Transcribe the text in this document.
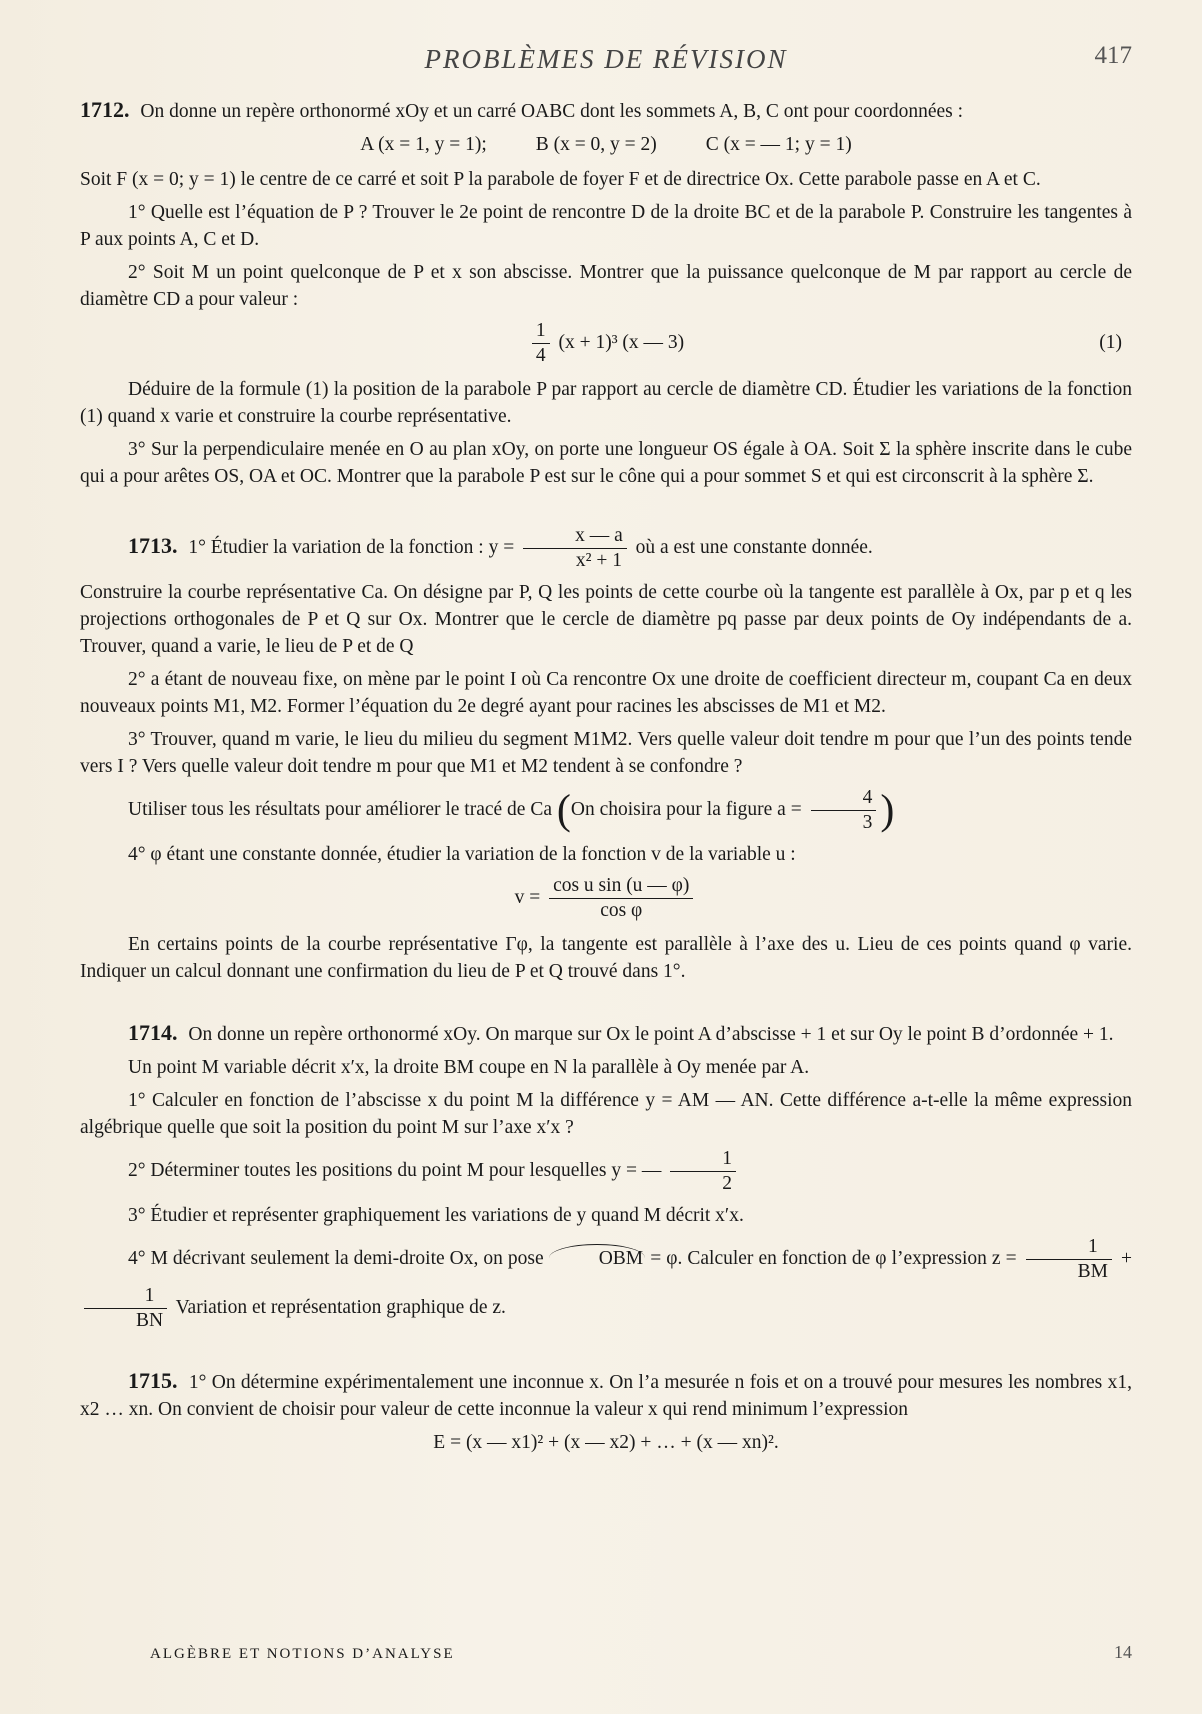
PROBLÈMES DE RÉVISION	417

1712. On donne un repère orthonormé xOy et un carré OABC dont les sommets A, B, C ont pour coordonnées :

A (x = 1, y = 1);	B (x = 0, y = 2)	C (x = — 1; y = 1)

Soit F (x = 0; y = 1) le centre de ce carré et soit P la parabole de foyer F et de directrice Ox. Cette parabole passe en A et C.

1° Quelle est l’équation de P ? Trouver le 2e point de rencontre D de la droite BC et de la parabole P. Construire les tangentes à P aux points A, C et D.

2° Soit M un point quelconque de P et x son abscisse. Montrer que la puissance quelconque de M par rapport au cercle de diamètre CD a pour valeur :

$\frac{1}{4} (x + 1)^3$ (x — 3)	(1)

Déduire de la formule (1) la position de la parabole P par rapport au cercle de diamètre CD. Étudier les variations de la fonction (1) quand x varie et construire la courbe représentative.

3° Sur la perpendiculaire menée en O au plan xOy, on porte une longueur OS égale à OA. Soit Σ la sphère inscrite dans le cube qui a pour arêtes OS, OA et OC. Montrer que la parabole P est sur le cône qui a pour sommet S et qui est circonscrit à la sphère Σ.

1713. 1° Étudier la variation de la fonction : $y = \frac{x — a}{\text{x² + 1}}$ où a est une constante donnée.

Construire la courbe représentative Ca. On désigne par P, Q les points de cette courbe où la tangente est parallèle à Ox, par p et q les projections orthogonales de P et Q sur Ox. Montrer que le cercle de diamètre pq passe par deux points de Oy indépendants de a. Trouver, quand a varie, le lieu de P et de Q

2° a étant de nouveau fixe, on mène par le point I où Ca rencontre Ox une droite de coefficient directeur m, coupant Ca en deux nouveaux points M1, M2. Former l’équation du 2e degré ayant pour racines les abscisses de M1 et M2.

3° Trouver, quand m varie, le lieu du milieu du segment M1M2. Vers quelle valeur doit tendre m pour que l’un des points tende vers I ? Vers quelle valeur doit tendre m pour que M1 et M2 tendent à se confondre ?

Utiliser tous les résultats pour améliorer le tracé de Ca (On choisira pour la figure $a = \frac{4}{3}$ )

4° φ étant une constante donnée, étudier la variation de la fonction v de la variable u :

$v = \frac{\text{cos u sin (u — φ)}}{\text{cos φ}}$

En certains points de la courbe représentative Γφ, la tangente est parallèle à l’axe des u. Lieu de ces points quand φ varie. Indiquer un calcul donnant une confirmation du lieu de P et Q trouvé dans 1°.

1714. On donne un repère orthonormé xOy. On marque sur Ox le point A d’abscisse + 1 et sur Oy le point B d’ordonnée + 1.

Un point M variable décrit x′x, la droite BM coupe en N la parallèle à Oy menée par A.

1° Calculer en fonction de l’abscisse x du point M la différence y = AM — AN. Cette différence a-t-elle la même expression algébrique quelle que soit la position du point M sur l’axe x′x ?

2° Déterminer toutes les positions du point M pour lesquelles y = — $\frac{1}{2}$

3° Étudier et représenter graphiquement les variations de y quand M décrit x′x.

4° M décrivant seulement la demi-droite Ox, on pose	OBM = φ. Calculer en fonction de φ l’expression $z = \frac{1}{BM}$ +
$\frac{1}{BN}$ Variation et représentation graphique de z.

1715. 1° On détermine expérimentalement une inconnue x. On l’a mesurée n fois et on a trouvé pour mesures les nombres x1, x2 … xn. On convient de choisir pour valeur de cette inconnue la valeur x qui rend minimum l’expression

E = (x — x1)² + (x — x2) + … + (x — xn)².
ALGÈBRE ET NOTIONS D’ANALYSE	14
